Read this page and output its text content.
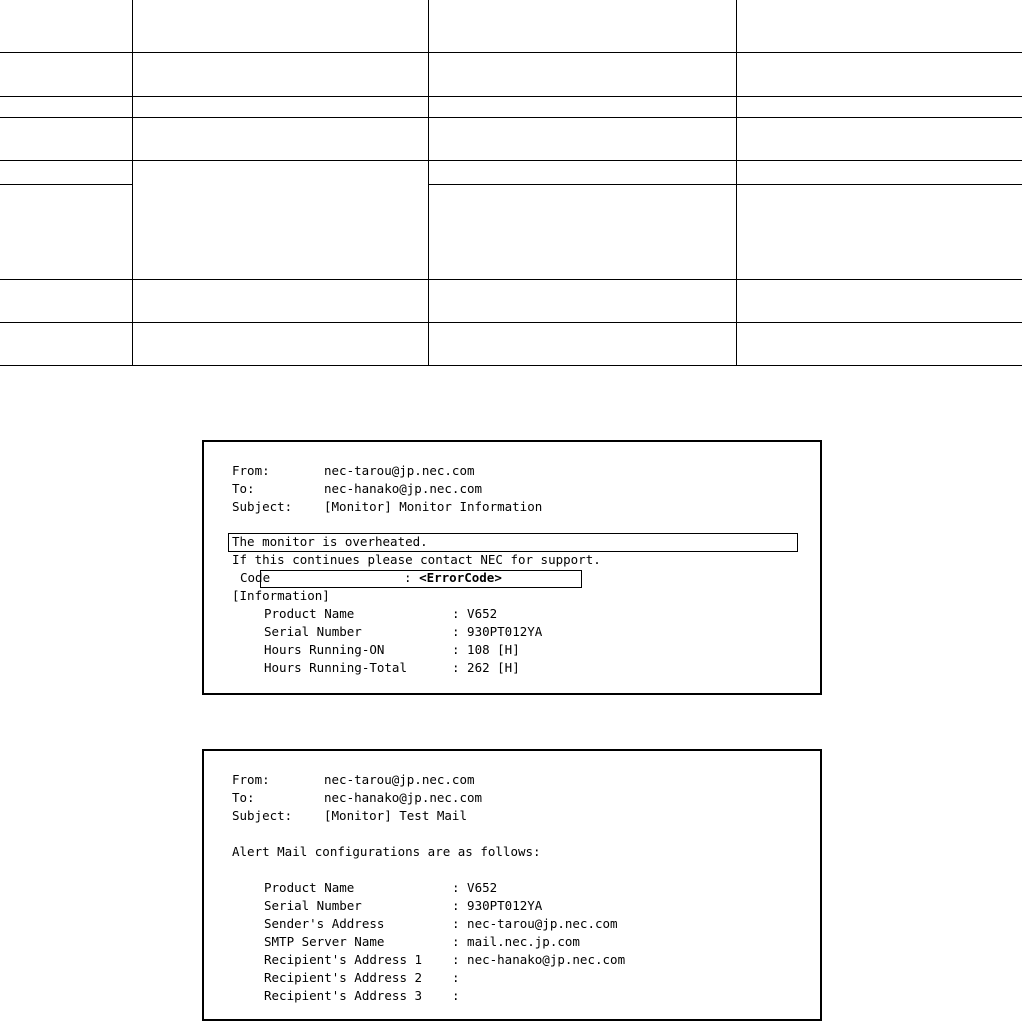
From:	nec-tarou@jp.nec.com
To:	nec-hanako@jp.nec.com
Subject:	[Monitor] Monitor Information
The monitor is overheated.
If this continues please contact NEC for support.
Code	: <ErrorCode>
[Information]
Product Name	: V652
Serial Number	: 930PT012YA
Hours Running-ON	: 108 [H]
Hours Running-Total	: 262 [H]
From:	nec-tarou@jp.nec.com
To:	nec-hanako@jp.nec.com
Subject:	[Monitor] Test Mail
Alert Mail configurations are as follows:
Product Name	: V652
Serial Number	: 930PT012YA
Sender's Address	: nec-tarou@jp.nec.com
SMTP Server Name	: mail.nec.jp.com
Recipient's Address 1 : nec-hanako@jp.nec.com
Recipient's Address 2 :
Recipient's Address 3 :
